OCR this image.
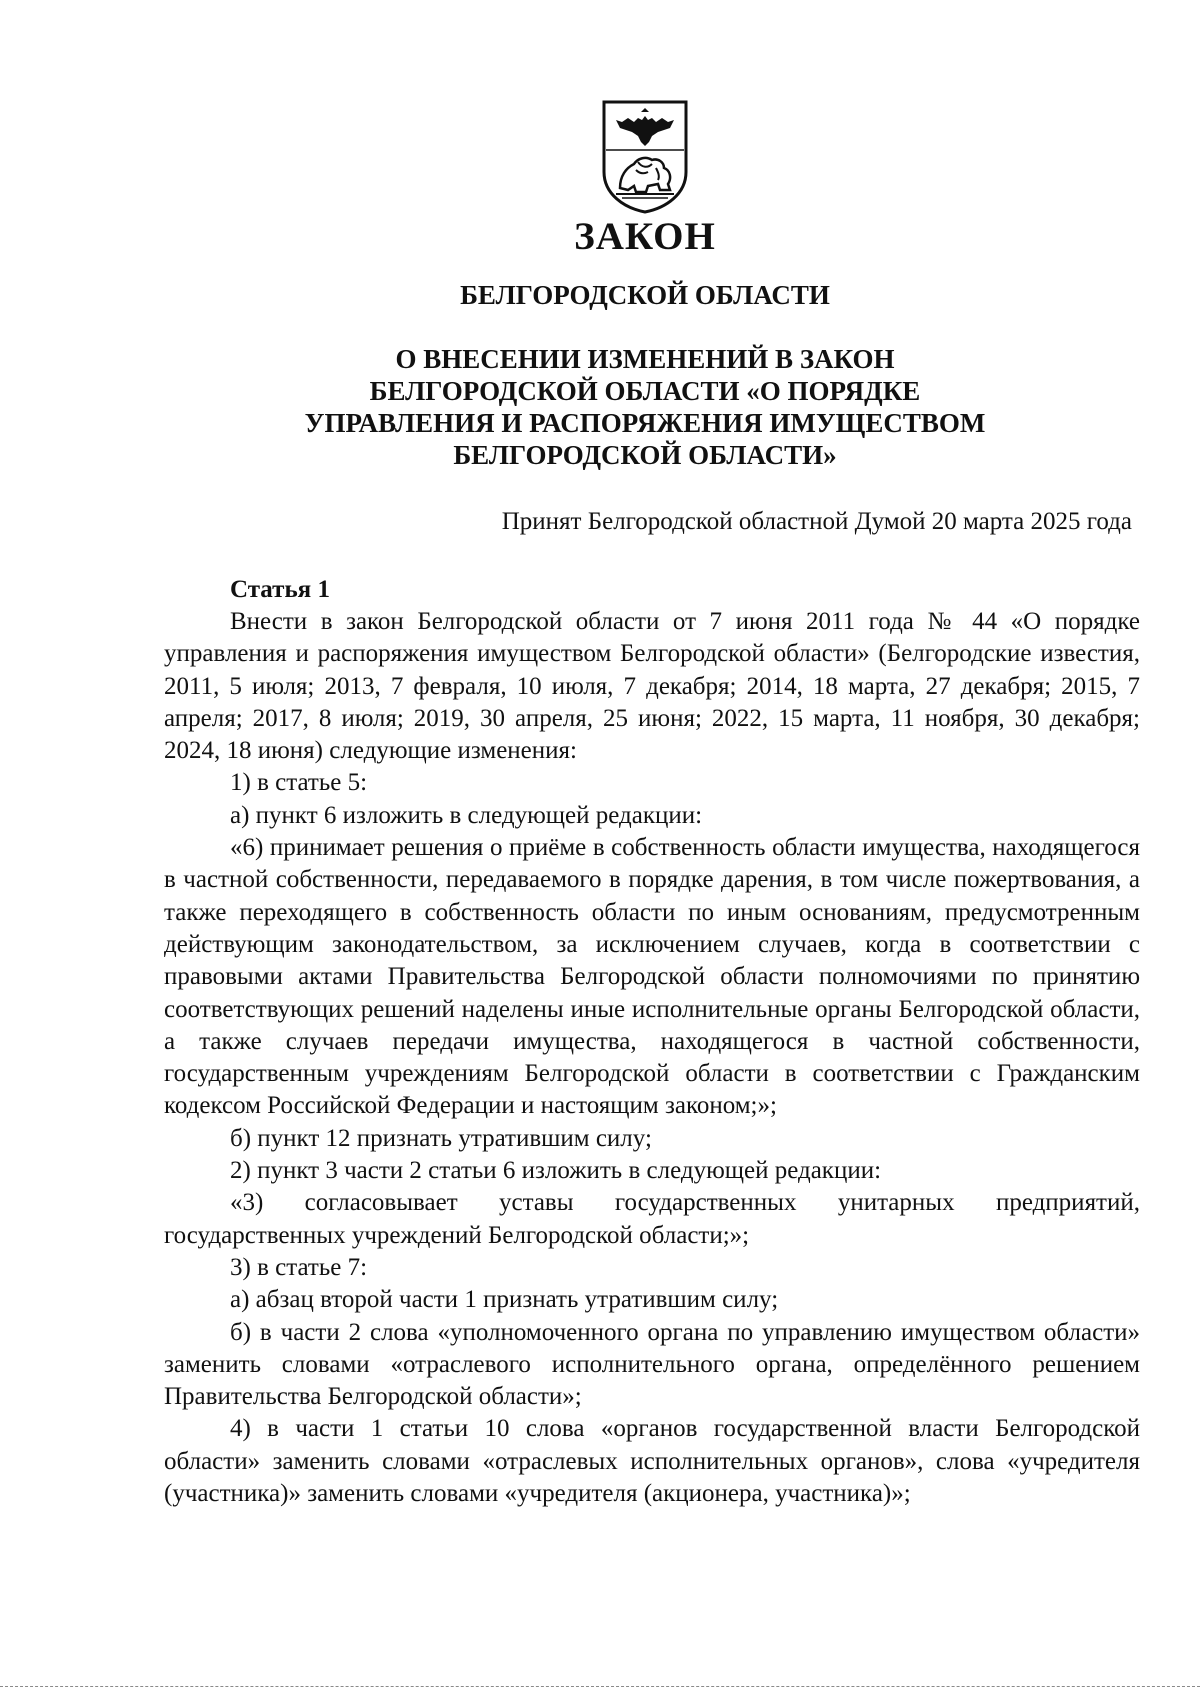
ЗАКОН
БЕЛГОРОДСКОЙ ОБЛАСТИ
О ВНЕСЕНИИ ИЗМЕНЕНИЙ В ЗАКОН
БЕЛГОРОДСКОЙ ОБЛАСТИ «О ПОРЯДКЕ
УПРАВЛЕНИЯ И РАСПОРЯЖЕНИЯ ИМУЩЕСТВОМ
БЕЛГОРОДСКОЙ ОБЛАСТИ»
Принят Белгородской областной Думой 20 марта 2025 года
Статья 1

Внести в закон Белгородской области от 7 июня 2011 года № 44 «О порядке управления и распоряжения имуществом Белгородской области» (Белгородские известия, 2011, 5 июля; 2013, 7 февраля, 10 июля, 7 декабря; 2014, 18 марта, 27 декабря; 2015, 7 апреля; 2017, 8 июля; 2019, 30 апреля, 25 июня; 2022, 15 марта, 11 ноября, 30 декабря; 2024, 18 июня) следующие изменения:

1) в статье 5:

а) пункт 6 изложить в следующей редакции:

«6) принимает решения о приёме в собственность области имущества, находящегося в частной собственности, передаваемого в порядке дарения, в том числе пожертвования, а также переходящего в собственность области по иным основаниям, предусмотренным действующим законодательством, за исключением случаев, когда в соответствии с правовыми актами Правительства Белгородской области полномочиями по принятию соответствующих решений наделены иные исполнительные органы Белгородской области, а также случаев передачи имущества, находящегося в частной собственности, государственным учреждениям Белгородской области в соответствии с Гражданским кодексом Российской Федерации и настоящим законом;»;

б) пункт 12 признать утратившим силу;

2) пункт 3 части 2 статьи 6 изложить в следующей редакции:

«3) согласовывает уставы государственных унитарных предприятий, государственных учреждений Белгородской области;»;

3) в статье 7:

а) абзац второй части 1 признать утратившим силу;

б) в части 2 слова «уполномоченного органа по управлению имуществом области» заменить словами «отраслевого исполнительного органа, определённого решением Правительства Белгородской области»;

4) в части 1 статьи 10 слова «органов государственной власти Белгородской области» заменить словами «отраслевых исполнительных органов», слова «учредителя (участника)» заменить словами «учредителя (акционера, участника)»;
